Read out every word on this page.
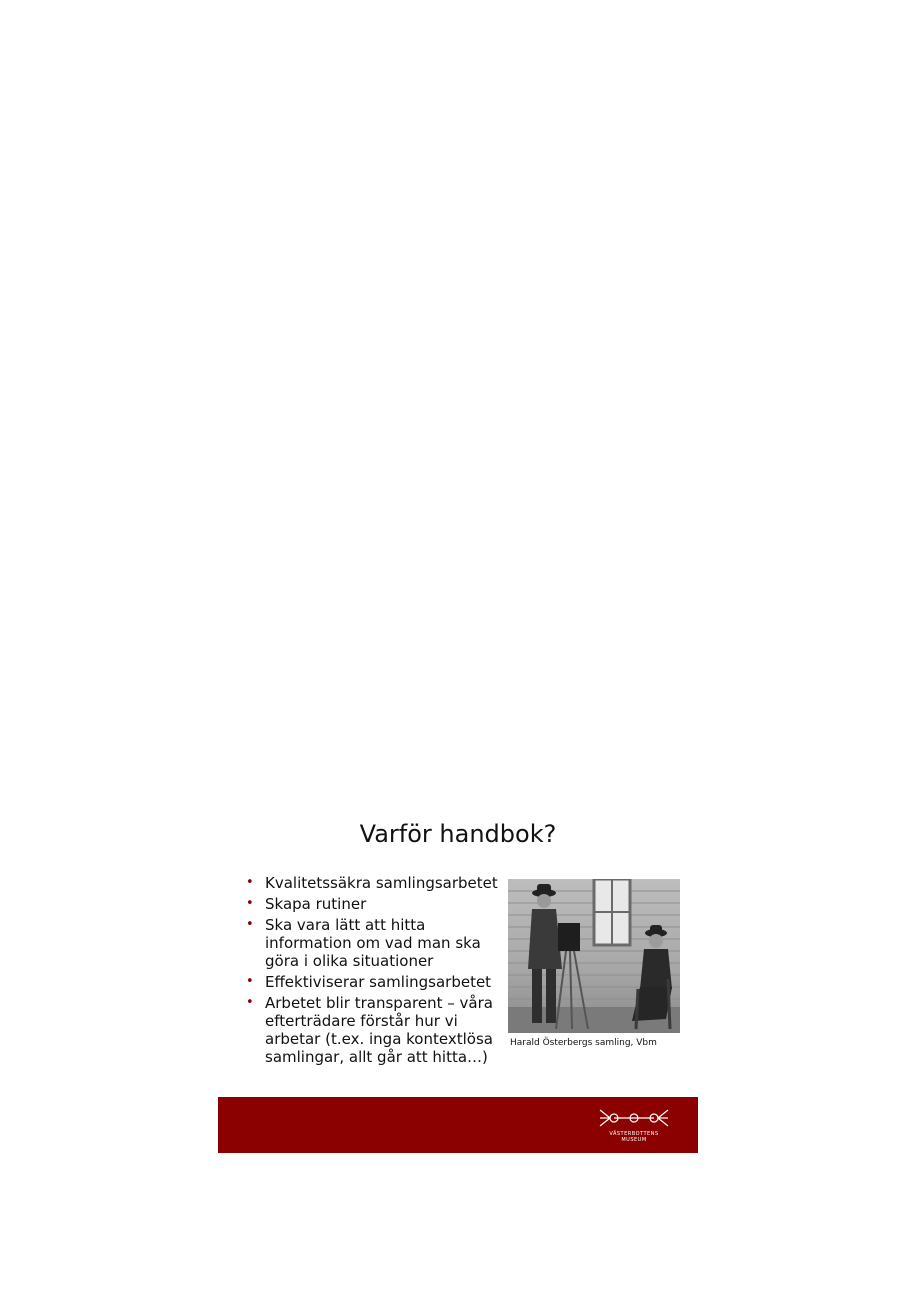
Varför handbok?
• Kvalitetssäkra samlingsarbetet
• Skapa rutiner
• Ska vara lätt att hitta information om vad man ska göra i olika situationer
• Effektiviserar samlingsarbetet
• Arbetet blir transparent – våra efterträdare förstår hur vi arbetar (t.ex. inga kontextlösa samlingar, allt går att hitta…)
Harald Österbergs samling, Vbm
VÄSTERBOTTENS
MUSEUM
